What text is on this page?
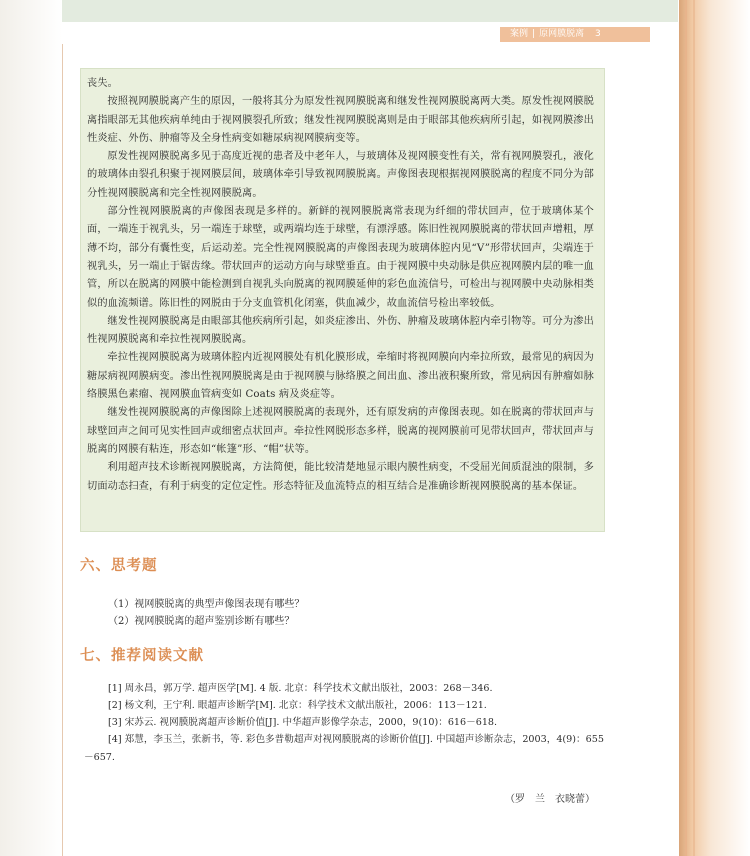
案例 | 原网膜脱离 3

丧失。

按照视网膜脱离产生的原因，一般将其分为原发性视网膜脱离和继发性视网膜脱离两大类。原发性视网膜脱离指眼部无其他疾病单纯由于视网膜裂孔所致；继发性视网膜脱离则是由于眼部其他疾病所引起，如视网膜渗出性炎症、外伤、肿瘤等及全身性病变如糖尿病视网膜病变等。

原发性视网膜脱离多见于高度近视的患者及中老年人，与玻璃体及视网膜变性有关，常有视网膜裂孔，液化的玻璃体由裂孔积聚于视网膜层间，玻璃体牵引导致视网膜脱离。声像图表现根据视网膜脱离的程度不同分为部分性视网膜脱离和完全性视网膜脱离。

部分性视网膜脱离的声像图表现是多样的。新鲜的视网膜脱离常表现为纤细的带状回声，位于玻璃体某个面，一端连于视乳头，另一端连于球壁，或两端均连于球壁，有漂浮感。陈旧性视网膜脱离的带状回声增粗，厚薄不均，部分有囊性变，后运动差。完全性视网膜脱离的声像图表现为玻璃体腔内见“V”形带状回声，尖端连于视乳头，另一端止于锯齿缘。带状回声的运动方向与球壁垂直。由于视网膜中央动脉是供应视网膜内层的唯一血管，所以在脱离的网膜中能检测到自视乳头向脱离的视网膜延伸的彩色血流信号，可检出与视网膜中央动脉相类似的血流频谱。陈旧性的网脱由于分支血管机化闭塞，供血减少，故血流信号检出率较低。

继发性视网膜脱离是由眼部其他疾病所引起，如炎症渗出、外伤、肿瘤及玻璃体腔内牵引物等。可分为渗出性视网膜脱离和牵拉性视网膜脱离。

牵拉性视网膜脱离为玻璃体腔内近视网膜处有机化膜形成，牵缩时将视网膜向内牵拉所致，最常见的病因为糖尿病视网膜病变。渗出性视网膜脱离是由于视网膜与脉络膜之间出血、渗出液积聚所致，常见病因有肿瘤如脉络膜黑色素瘤、视网膜血管病变如 Coats 病及炎症等。

继发性视网膜脱离的声像图除上述视网膜脱离的表现外，还有原发病的声像图表现。如在脱离的带状回声与球壁回声之间可见实性回声或细密点状回声。牵拉性网脱形态多样，脱离的视网膜前可见带状回声，带状回声与脱离的网膜有粘连，形态如“帐篷”形、“帽”状等。

利用超声技术诊断视网膜脱离，方法简便，能比较清楚地显示眼内膜性病变，不受屈光间质混浊的限制，多切面动态扫查，有利于病变的定位定性。形态特征及血流特点的相互结合是准确诊断视网膜脱离的基本保证。

六、思考题
（1）视网膜脱离的典型声像图表现有哪些？
（2）视网膜脱离的超声鉴别诊断有哪些？
七、推荐阅读文献
[1] 周永昌，郭万学. 超声医学[M]. 4 版. 北京：科学技术文献出版社，2003：268－346.
[2] 杨文利，王宁利. 眼超声诊断学[M]. 北京：科学技术文献出版社，2006：113－121.
[3] 宋苏云. 视网膜脱离超声诊断价值[J]. 中华超声影像学杂志，2000，9(10)：616－618.
[4] 郑慧，李玉兰，张新书，等. 彩色多普勒超声对视网膜脱离的诊断价值[J]. 中国超声诊断杂志，2003，4(9)：655－657.
（罗　兰　衣晓蕾）
